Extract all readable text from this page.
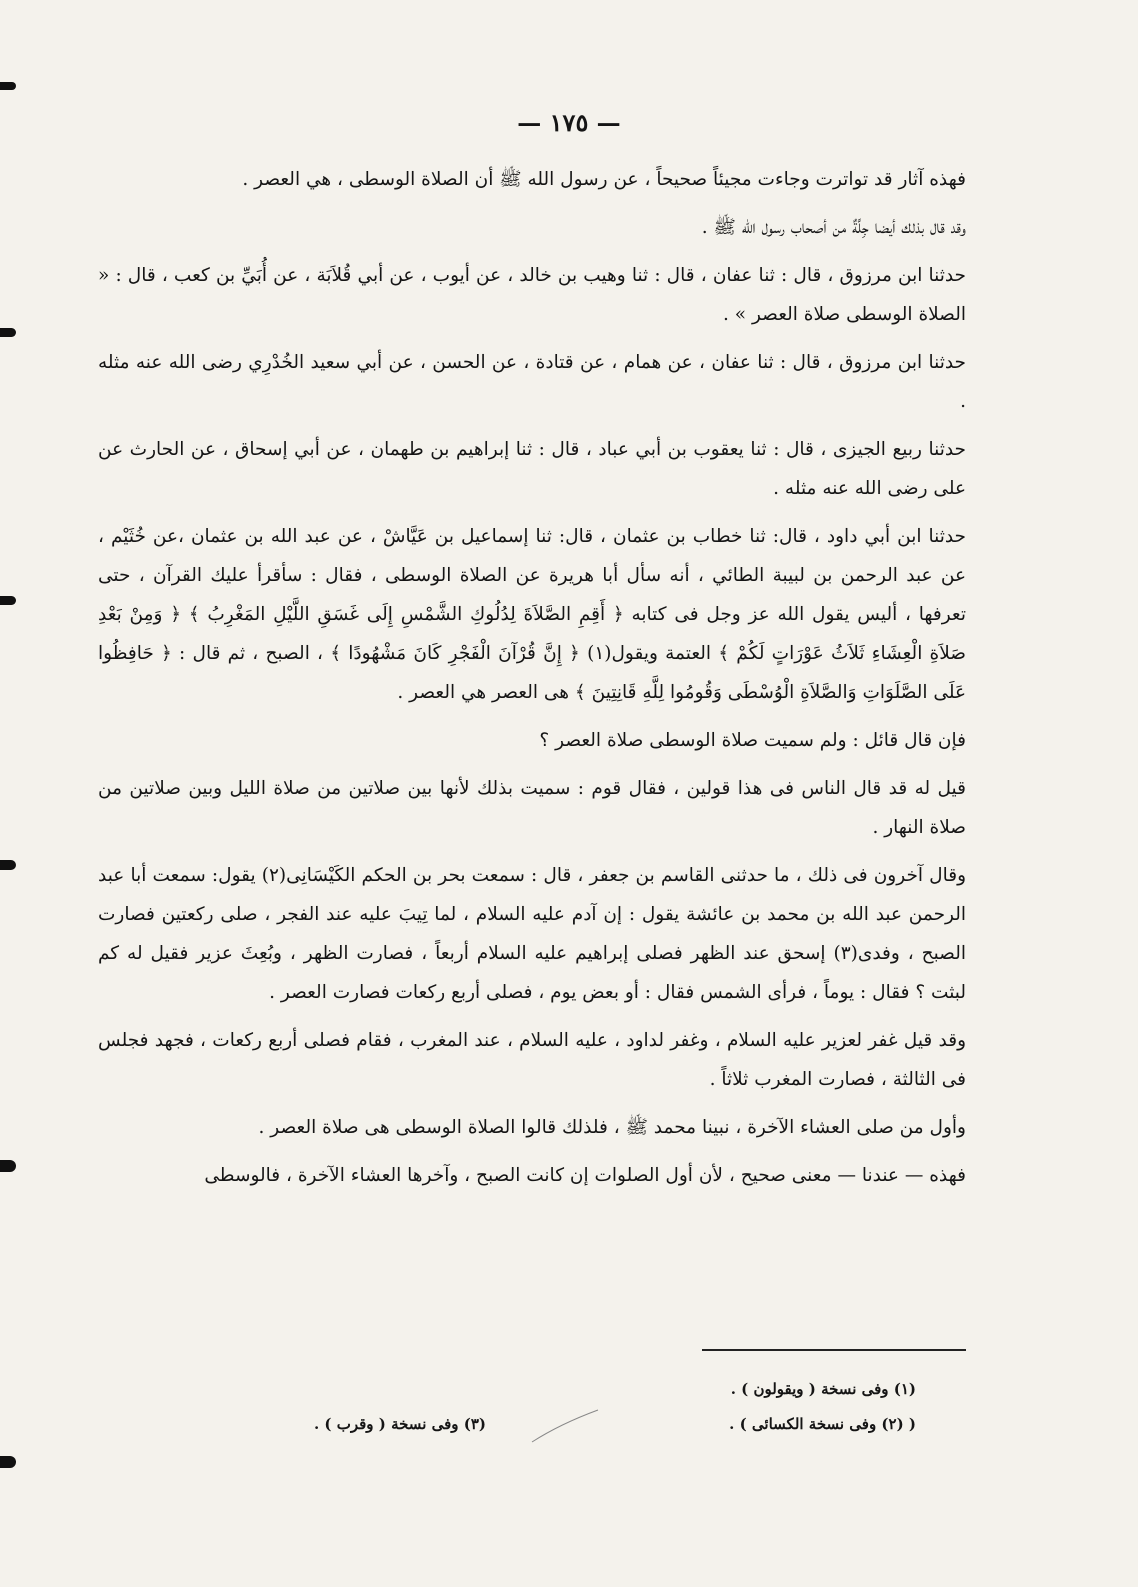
— ١٧٥ —

فهذه آثار قد تواترت وجاءت مجيئاً صحيحاً ، عن رسول الله ﷺ أن الصلاة الوسطى ، هي العصر .

وقد قال بذلك أيضا جِلَّةٌ من أصحاب رسول الله ﷺ .

حدثنا ابن مرزوق ، قال : ثنا عفان ، قال : ثنا وهيب بن خالد ، عن أيوب ، عن أبي قُلاَبَة ، عن أُبَيِّ بن كعب ، قال : « الصلاة الوسطى صلاة العصر » .

حدثنا ابن مرزوق ، قال : ثنا عفان ، عن همام ، عن قتادة ، عن الحسن ، عن أبي سعيد الخُدْرِي رضى الله عنه مثله .

حدثنا ربيع الجيزى ، قال : ثنا يعقوب بن أبي عباد ، قال : ثنا إبراهيم بن طهمان ، عن أبي إسحاق ، عن الحارث عن على رضى الله عنه مثله .

حدثنا ابن أبي داود ، قال: ثنا خطاب بن عثمان ، قال: ثنا إسماعيل بن عَيَّاشْ ، عن عبد الله بن عثمان ،عن خُثَيْم ، عن عبد الرحمن بن لبيبة الطائي ، أنه سأل أبا هريرة عن الصلاة الوسطى ، فقال : سأقرأ عليك القرآن ، حتى تعرفها ، أليس يقول الله عز وجل فى كتابه ﴿ أَقِمِ الصَّلاَةَ لِدُلُوكِ الشَّمْسِ إِلَى غَسَقِ اللَّيْلِ المَغْرِبُ ﴾ ﴿ وَمِنْ بَعْدِ صَلاَةِ الْعِشَاءِ ثَلاَثُ عَوْرَاتٍ لَكُمْ ﴾ العتمة ويقول(١) ﴿ إِنَّ قُرْآنَ الْفَجْرِ كَانَ مَشْهُودًا ﴾ ، الصبح ، ثم قال : ﴿ حَافِظُوا عَلَى الصَّلَوَاتِ وَالصَّلاَةِ الْوُسْطَى وَقُومُوا لِلَّهِ قَانِتِينَ ﴾ هى العصر هي العصر .

فإن قال قائل : ولم سميت صلاة الوسطى صلاة العصر ؟

قيل له قد قال الناس فى هذا قولين ، فقال قوم : سميت بذلك لأنها بين صلاتين من صلاة الليل وبين صلاتين من صلاة النهار .

وقال آخرون فى ذلك ، ما حدثنى القاسم بن جعفر ، قال : سمعت بحر بن الحكم الكَيْسَانِى(٢) يقول: سمعت أبا عبد الرحمن عبد الله بن محمد بن عائشة يقول : إن آدم عليه السلام ، لما تِيبَ عليه عند الفجر ، صلى ركعتين فصارت الصبح ، وفدى(٣) إسحق عند الظهر فصلى إبراهيم عليه السلام أربعاً ، فصارت الظهر ، وبُعِثَ عزير فقيل له كم لبثت ؟ فقال : يوماً ، فرأى الشمس فقال : أو بعض يوم ، فصلى أربع ركعات فصارت العصر .

وقد قيل غفر لعزير عليه السلام ، وغفر لداود ، عليه السلام ، عند المغرب ، فقام فصلى أربع ركعات ، فجهد فجلس فى الثالثة ، فصارت المغرب ثلاثاً .

وأول من صلى العشاء الآخرة ، نبينا محمد ﷺ ، فلذلك قالوا الصلاة الوسطى هى صلاة العصر .

فهذه — عندنا — معنى صحيح ، لأن أول الصلوات إن كانت الصبح ، وآخرها العشاء الآخرة ، فالوسطى

(١) وفى نسخة ( ويقولون ) .
( (٢) وفى نسخة الكسائى ) .
(٣) وفى نسخة ( وقرب ) .
